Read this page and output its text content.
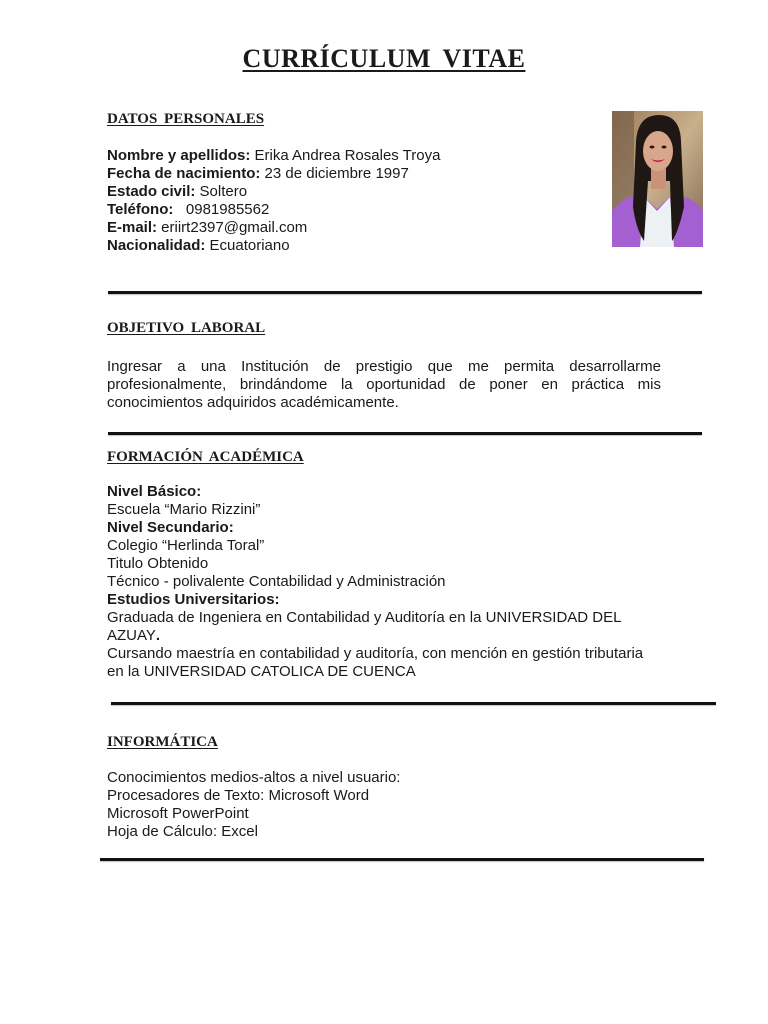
CURRÍCULUM VITAE
DATOS PERSONALES
Nombre y apellidos: Erika Andrea Rosales Troya
Fecha de nacimiento: 23 de diciembre 1997
Estado civil: Soltero
Teléfono:   0981985562
E-mail: eriirt2397@gmail.com
Nacionalidad: Ecuatoriano
OBJETIVO LABORAL
Ingresar a una Institución de prestigio que me permita desarrollarme profesionalmente, brindándome la oportunidad de poner en práctica mis conocimientos adquiridos académicamente.
FORMACIÓN ACADÉMICA
Nivel Básico:
Escuela “Mario Rizzini”
Nivel Secundario:
Colegio “Herlinda Toral”
Titulo Obtenido
Técnico - polivalente Contabilidad y Administración
Estudios Universitarios:
Graduada de Ingeniera en Contabilidad y Auditoría en la UNIVERSIDAD DEL
AZUAY.
Cursando maestría en contabilidad y auditoría, con mención en gestión tributaria
en la UNIVERSIDAD CATOLICA DE CUENCA
INFORMÁTICA
Conocimientos medios-altos a nivel usuario:
Procesadores de Texto: Microsoft Word
Microsoft PowerPoint
Hoja de Cálculo: Excel
